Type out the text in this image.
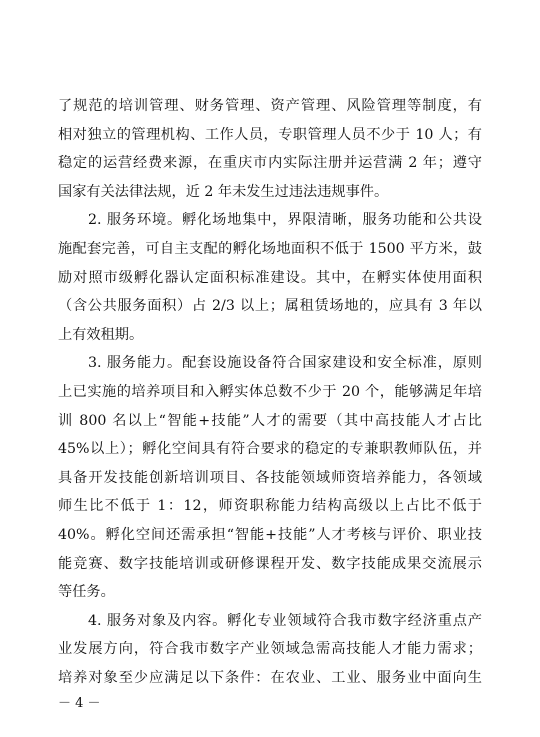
了规范的培训管理、财务管理、资产管理、风险管理等制度，有
相对独立的管理机构、工作人员，专职管理人员不少于 10 人；有
稳定的运营经费来源，在重庆市内实际注册并运营满 2 年；遵守
国家有关法律法规，近 2 年未发生过违法违规事件。
2. 服务环境。孵化场地集中，界限清晰，服务功能和公共设
施配套完善，可自主支配的孵化场地面积不低于 1500 平方米，鼓
励对照市级孵化器认定面积标准建设。其中，在孵实体使用面积
（含公共服务面积）占 2/3 以上；属租赁场地的，应具有 3 年以
上有效租期。
3. 服务能力。配套设施设备符合国家建设和安全标准，原则
上已实施的培养项目和入孵实体总数不少于 20 个，能够满足年培
训 800 名以上“智能+技能”人才的需要（其中高技能人才占比
45%以上）；孵化空间具有符合要求的稳定的专兼职教师队伍，并
具备开发技能创新培训项目、各技能领域师资培养能力，各领域
师生比不低于 1：12，师资职称能力结构高级以上占比不低于
40%。孵化空间还需承担“智能+技能”人才考核与评价、职业技
能竞赛、数字技能培训或研修课程开发、数字技能成果交流展示
等任务。
4. 服务对象及内容。孵化专业领域符合我市数字经济重点产
业发展方向，符合我市数字产业领域急需高技能人才能力需求；
培养对象至少应满足以下条件：在农业、工业、服务业中面向生
－ 4 －
